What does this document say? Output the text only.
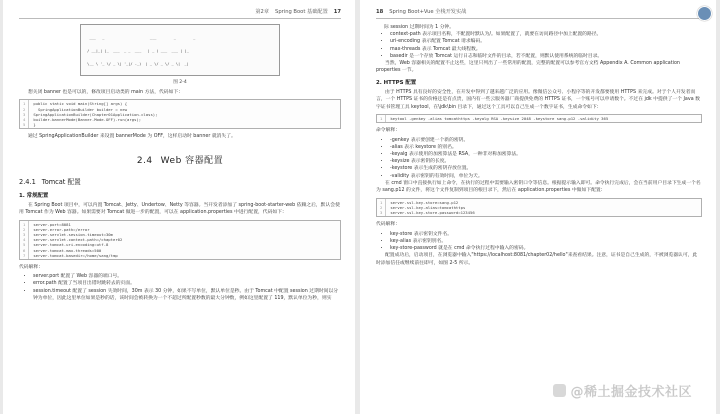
第2章 Spring Boot 基础配置 17

___   _                     ___        _        _

/ __|_| |_  ___  _ _  ___   | _ ) ___  ___ | |_

\__ \ '_ \/ _ \| '_|/ -_)  | _ \/ _ \/ _ \|  _|

图 2-4

想关闭 banner 也是可以的，修改项目启动类的 main 方法，代码如下：

1
2
3
4
5
public static void main(String[] args) {
SpringApplicationBuilder builder = new
SpringApplicationBuilder(Chapter01Application.class);
builder.bannerMode(Banner.Mode.OFF).run(args);
}

通过 SpringApplicationBuilder 来设置 bannerMode 为 OFF，这样启动时 banner 就消失了。

2.4 Web 容器配置
2.4.1 Tomcat 配置
1. 常规配置

在 Spring Boot 项目中，可以内置 Tomcat、Jetty、Undertow、Netty 等容器。当开发者添加了 spring-boot-starter-web 依赖之后，默认会使用 Tomcat 作为 Web 容器。如果需要对 Tomcat 做进一步的配置，可以在 application.properties 中进行配置，代码如下：

1
2
3
4
5
6
7
server.port=8081
server.error.path=/error
server.servlet.session.timeout=30m
server.servlet.context-path=/chapter02
server.tomcat.uri-encoding=utf-8
server.tomcat.max-threads=500
server.tomcat.basedir=/home/sang/tmp

代码解释：

• server.port 配置了 Web 容器的端口号。
• error.path 配置了当项目出错时跳转去的页面。
• session.timeout 配置了 session 失效时间，30m 表示 30 分钟，如果不写单位，默认单位是秒。由于 Tomcat 中配置 session 过期时间以分钟为单位，因此这里单位如果是秒的话，该时间会被转换为一个不超过所配置秒数的最大分钟数，例如这里配置了 119，默认单位为秒，则实
18 Spring Boot+Vue 全栈开发实战
际 session 过期时间为 1 分钟。
• context-path 表示项目名称，不配置时默认为/。如果配置了，就要在访问路径中加上配置的路径。
• uri-encoding 表示配置 Tomcat 请求编码。
• max-threads 表示 Tomcat 最大线程数。
• basedir 是一个存放 Tomcat 运行日志和临时文件的目录，若不配置，则默认使用系统的临时目录。

当然，Web 容器相关的配置不止这些，这里只列出了一些常用的配置，完整的配置可以参考官方文档 Appendix A. Common application properties 一节。

2. HTTPS 配置

由于 HTTPS 具有良好的安全性，在开发中得到了越来越广泛的应用。像微信公众号、小程序等的开发都要使用 HTTPS 来完成。对于个人开发者而言，一个 HTTPS 证书的价格还是有点贵，国内有一些云服务器厂商提供免费的 HTTPS 证书，一个账号可以申请数个。不过在 jdk 中提供了一个 Java 数字证书管理工具 keytool，在\jdk\bin 目录下，通过这个工具可以自己生成一个数字证书，生成命令如下：

1 keytool -genkey -alias tomcathttps -keyalg RSA -keysize 2048 -keystore sang.p12 -validity 365

命令解释：

• -genkey 表示要创建一个新的密钥。
• -alias 表示 keystore 的别名。
• -keyalg 表示使用的加密算法是 RSA，一种非对称加密算法。
• -keysize 表示密钥的长度。
• -keystore 表示生成的密钥存放位置。
• -validity 表示密钥的有效时间，单位为天。

在 cmd 窗口中直接执行如上命令，在执行的过程中需要输入密钥口令等信息。根据提示输入即可。命令执行完成后，会在当前用户目录下生成一个名为 sang.p12 的文件，将这个文件复制到项目的根目录下，然后在 application.properties 中做如下配置：

1
2
3
server.ssl.key-store=sang.p12
server.ssl.key-alias=tomcathttps
server.ssl.key-store-password=123456

代码解释：

• key-store 表示密钥文件名。
• key-alias 表示密钥别名。
• key-store-password 就是在 cmd 命令执行过程中输入的密码。

配置成功后，启动项目，在浏览器中输入"https://localhost:8081/chapter02/hello"来查看结果。注意，证书是自己生成的，不被浏览器认可，此时添加信任或继续前往即可，如图 2-5 所示。

@稀土掘金技术社区
